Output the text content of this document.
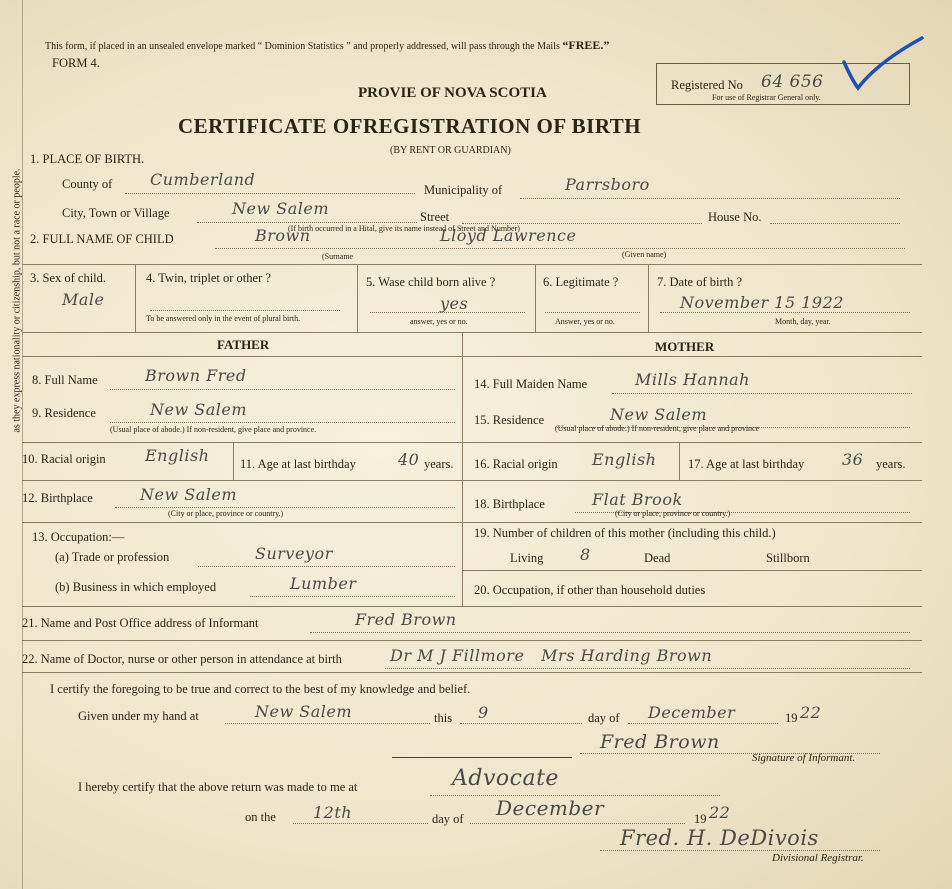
as they express nationality or citizenship, but not a race or people.
This form, if placed in an unsealed envelope marked “ Dominion Statistics ” and properly addressed, will pass through the Mails “FREE.”
FORM 4.
PROVIE OF NOVA SCOTIA	Registered No 64 656
For use of Registrar General only.
CERTIFICATE OFREGISTRATION OF BIRTH
(BY RENT OR GUARDIAN)
1. PLACE OF BIRTH.
County of Cumberland
Municipality of	Parrsboro
City, Town or Village	New Salem	Street	House No.
(If birth occurred in a Hital, give its name instead of Street and Number)
2. FULL NAME OF CHILD	Brown	Lloyd Lawrence
(Surname	(Given name)
3. Sex of child.
Male
4. Twin, triplet or other ?
To be answered only in the event of plural birth.
5. Wase child born alive ?
yes
answer, yes or no.
6. Legitimate ?
Answer, yes or no.
7. Date of birth ?
November 15 1922
Month, day, year.
FATHER	MOTHER
8. Full Name	Brown Fred
9. Residence	New Salem
(Usual place of abode.) If non-resident, give place and province.
10. Racial origin English 11. Age at last birthday	40 years.
12. Birthplace	New Salem
(City or place, province or country.)
13. Occupation:—
(a) Trade or profession	Surveyor
(b) Business in which employed	Lumber
14. Full Maiden Name	Mills Hannah
15. Residence	New Salem
(Usual place of abode.) If non-resident, give place and province
16. Racial origin English	17. Age at last birthday 36 years.
18. Birthplace	Flat Brook
(City or place, province or country.)
19. Number of children of this mother (including this child.)
Living 8	Dead	Stillborn
20. Occupation, if other than household duties
21. Name and Post Office address of Informant	Fred Brown
22. Name of Doctor, nurse or other person in attendance at birth	Dr M J Fillmore   Mrs Harding Brown
I certify the foregoing to be true and correct to the best of my knowledge and belief.
Given under my hand at	New Salem	this 9	day of December	19 22
Fred Brown
Signature of Informant.
I hereby certify that the above return was made to me at	Advocate
on the 12th	day of December	19 22
Fred. H. DeDivois
Divisional Registrar.
